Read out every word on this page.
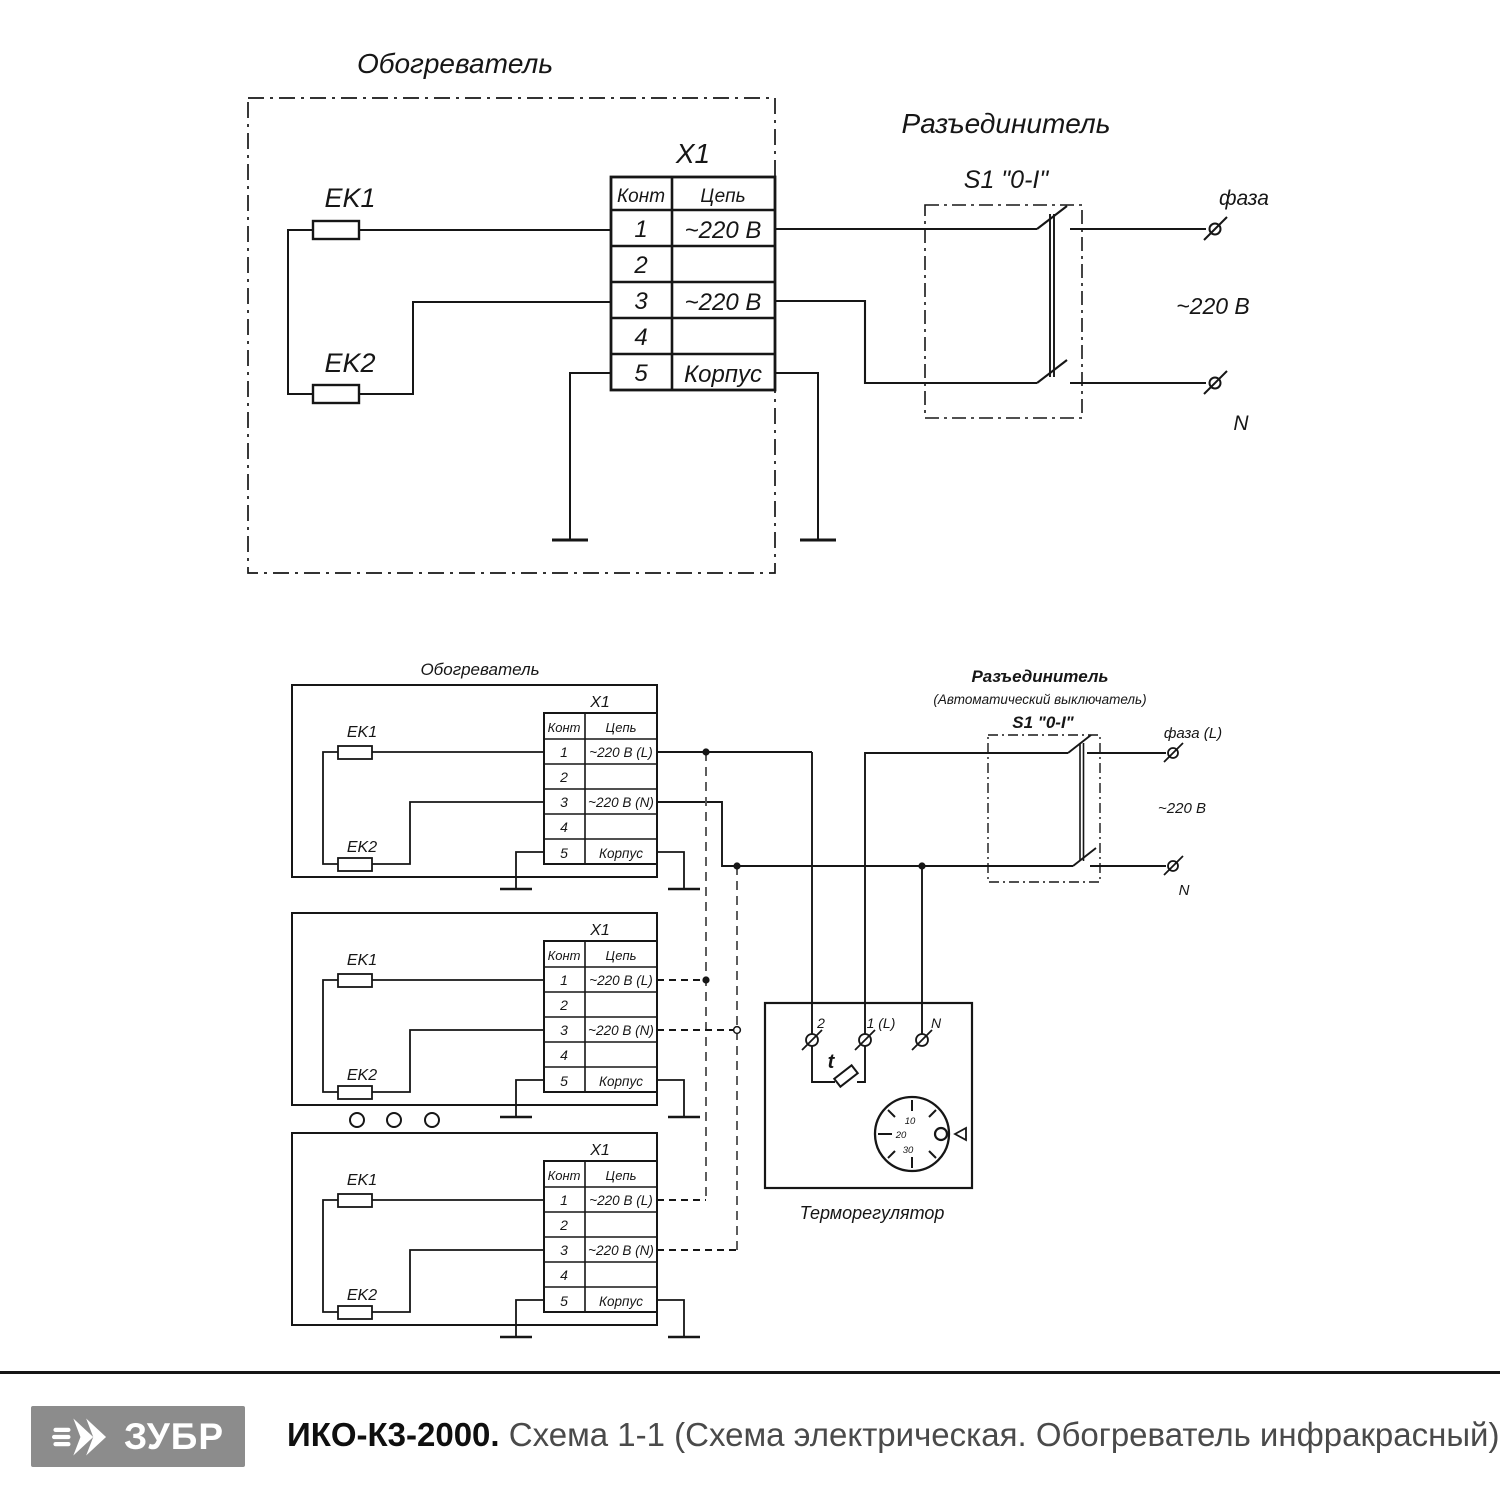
Обогреватель
EK1
EK2
X1
Конт Цепь
1 ~220 В
2
3 ~220 В
4
5 Корпус
Разъединитель
S1 "0-I"
фаза
~220 В
N
Обогреватель
EK1
EK2
X1
Конт Цепь
1 ~220 В (L)
2
3 ~220 В (N)
4
5 Корпус
Разъединитель
(Автоматический выключатель)
S1 "0-I"
фаза (L)
~220 В
N
2	1 (L)	N
t
10
20
30
Терморегулятор
ЗУБР ИКО-К3-2000. Схема 1-1 (Схема электрическая. Обогреватель инфракрасный)
